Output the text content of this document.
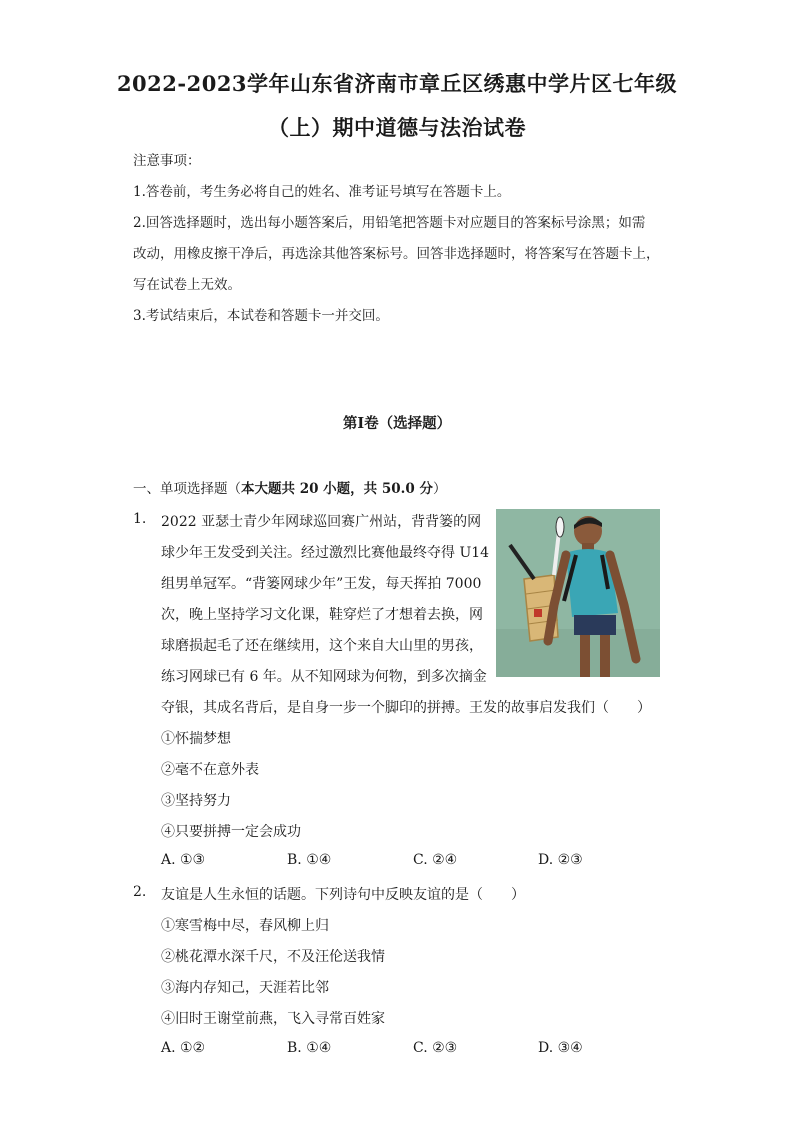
2022-2023学年山东省济南市章丘区绣惠中学片区七年级
（上）期中道德与法治试卷
注意事项：
1.答卷前，考生务必将自己的姓名、准考证号填写在答题卡上。
2.回答选择题时，选出每小题答案后，用铅笔把答题卡对应题目的答案标号涂黑；如需
改动，用橡皮擦干净后，再选涂其他答案标号。回答非选择题时，将答案写在答题卡上，
写在试卷上无效。
3.考试结束后，本试卷和答题卡一并交回。
第I卷（选择题）
一、单项选择题（本大题共 20 小题，共 50.0 分）
1. 2022 亚瑟士青少年网球巡回赛广州站，背背篓的网
球少年王发受到关注。经过激烈比赛他最终夺得 U14
组男单冠军。“背篓网球少年”王发，每天挥拍 7000
次，晚上坚持学习文化课，鞋穿烂了才想着去换，网
球磨损起毛了还在继续用，这个来自大山里的男孩，
练习网球已有 6 年。从不知网球为何物，到多次摘金
夺银，其成名背后，是自身一步一个脚印的拼搏。王发的故事启发我们（　　）
①怀揣梦想
②毫不在意外表
③坚持努力
④只要拼搏一定会成功
A. ①③	B. ①④	C. ②④	D. ②③
2. 友谊是人生永恒的话题。下列诗句中反映友谊的是（　　）
①寒雪梅中尽，春风柳上归
②桃花潭水深千尺，不及汪伦送我情
③海内存知己，天涯若比邻
④旧时王谢堂前燕，飞入寻常百姓家
A. ①②	B. ①④	C. ②③	D. ③④
